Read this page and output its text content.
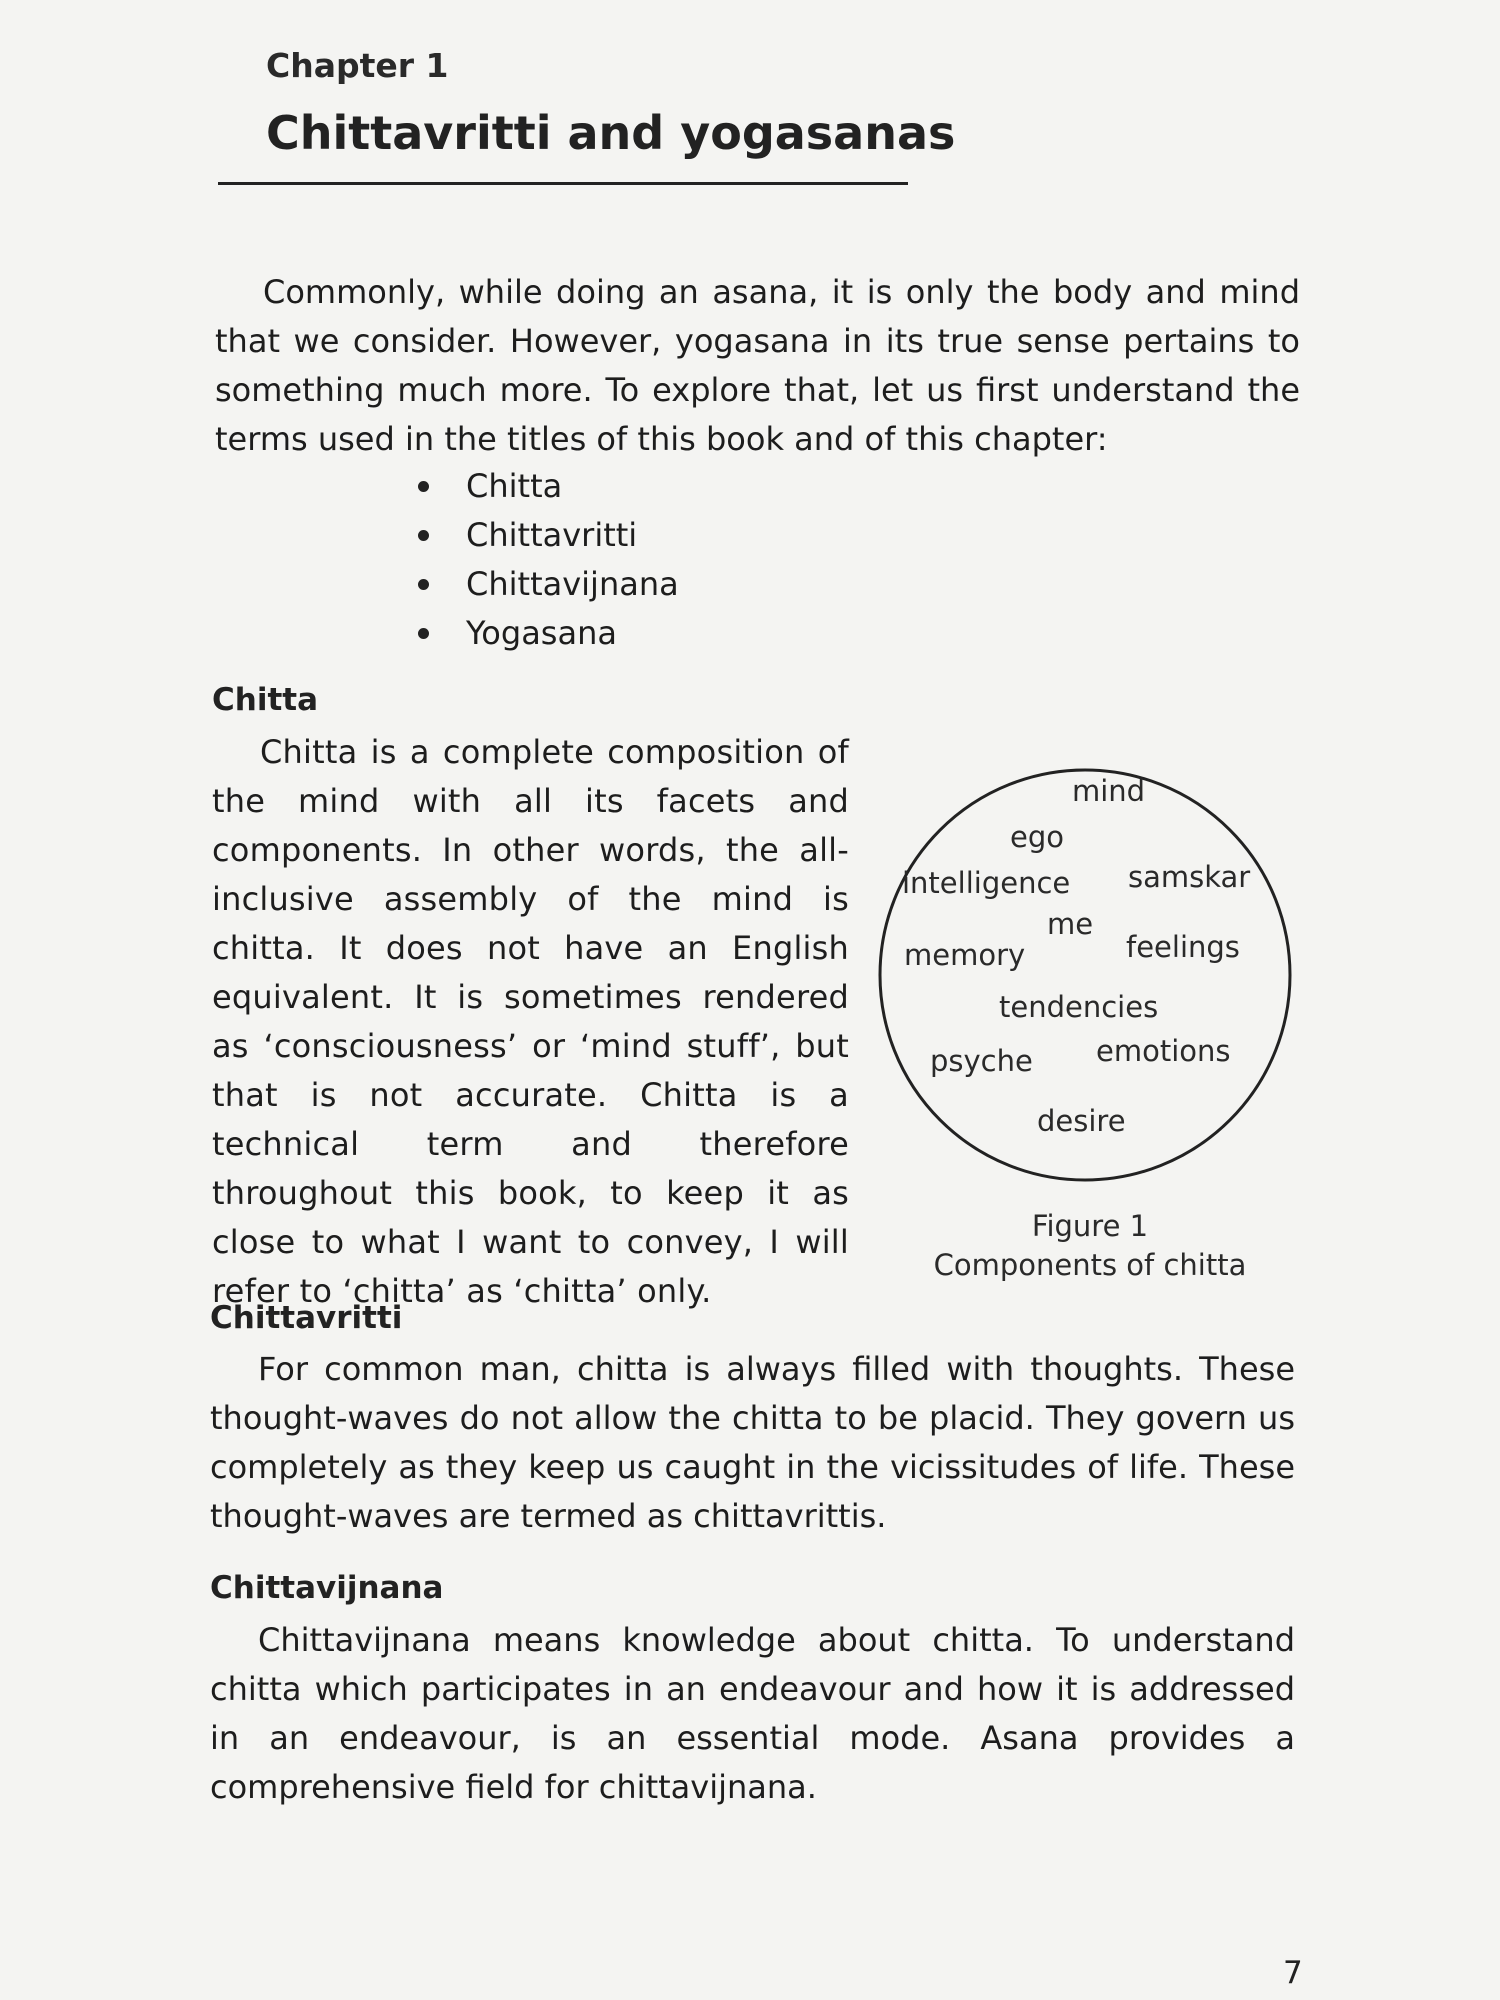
Chapter 1
Chittavritti and yogasanas

Commonly, while doing an asana, it is only the body and mind that we consider. However, yogasana in its true sense pertains to something much more. To explore that, let us first understand the terms used in the titles of this book and of this chapter:

Chitta
Chittavritti
Chittavijnana
Yogasana
Chitta

Chitta is a complete composition of the mind with all its facets and components. In other words, the all-inclusive assembly of the mind is chitta. It does not have an English equivalent. It is sometimes rendered as ‘consciousness’ or ‘mind stuff’, but that is not accurate. Chitta is a technical term and therefore throughout this book, to keep it as close to what I want to convey, I will refer to ‘chitta’ as ‘chitta’ only.

mind
ego
intelligence samskar
me
memory	feelings
tendencies
psyche emotions
desire
Figure 1
Components of chitta
Chittavritti

For common man, chitta is always filled with thoughts. These thought-waves do not allow the chitta to be placid. They govern us completely as they keep us caught in the vicissitudes of life. These thought-waves are termed as chittavrittis.

Chittavijnana

Chittavijnana means knowledge about chitta. To understand chitta which participates in an endeavour and how it is addressed in an endeavour, is an essential mode. Asana provides a comprehensive field for chittavijnana.

7
